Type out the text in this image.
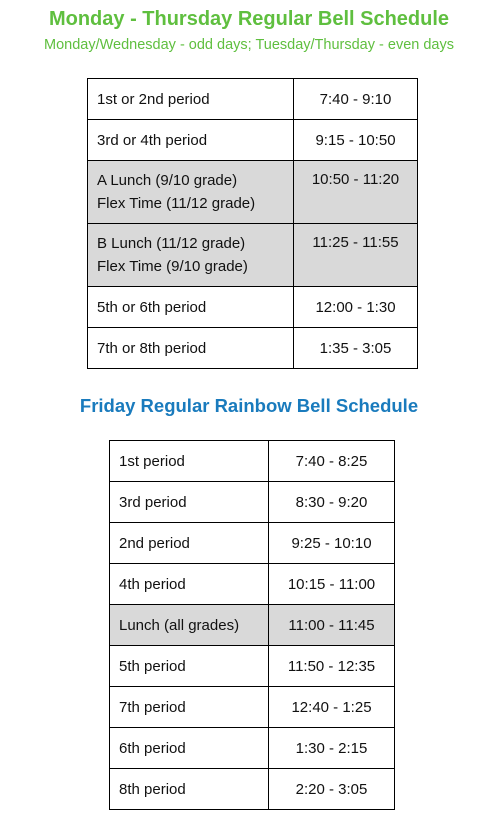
Monday - Thursday Regular Bell Schedule
Monday/Wednesday - odd days; Tuesday/Thursday - even days
1st or 2nd period	7:40 - 9:10

3rd or 4th period	9:15 - 10:50

A Lunch (9/10 grade)
Flex Time (11/12 grade)	10:50 - 11:20

B Lunch (11/12 grade)
Flex Time (9/10 grade)	11:25 - 11:55

5th or 6th period	12:00 - 1:30

7th or 8th period	1:35 - 3:05
Friday Regular Rainbow Bell Schedule
1st period	7:40 - 8:25
3rd period	8:30 - 9:20
2nd period	9:25 - 10:10
4th period	10:15 - 11:00
Lunch (all grades)	11:00 - 11:45
5th period	11:50 - 12:35
7th period	12:40 - 1:25
6th period	1:30 - 2:15
8th period	2:20 - 3:05
